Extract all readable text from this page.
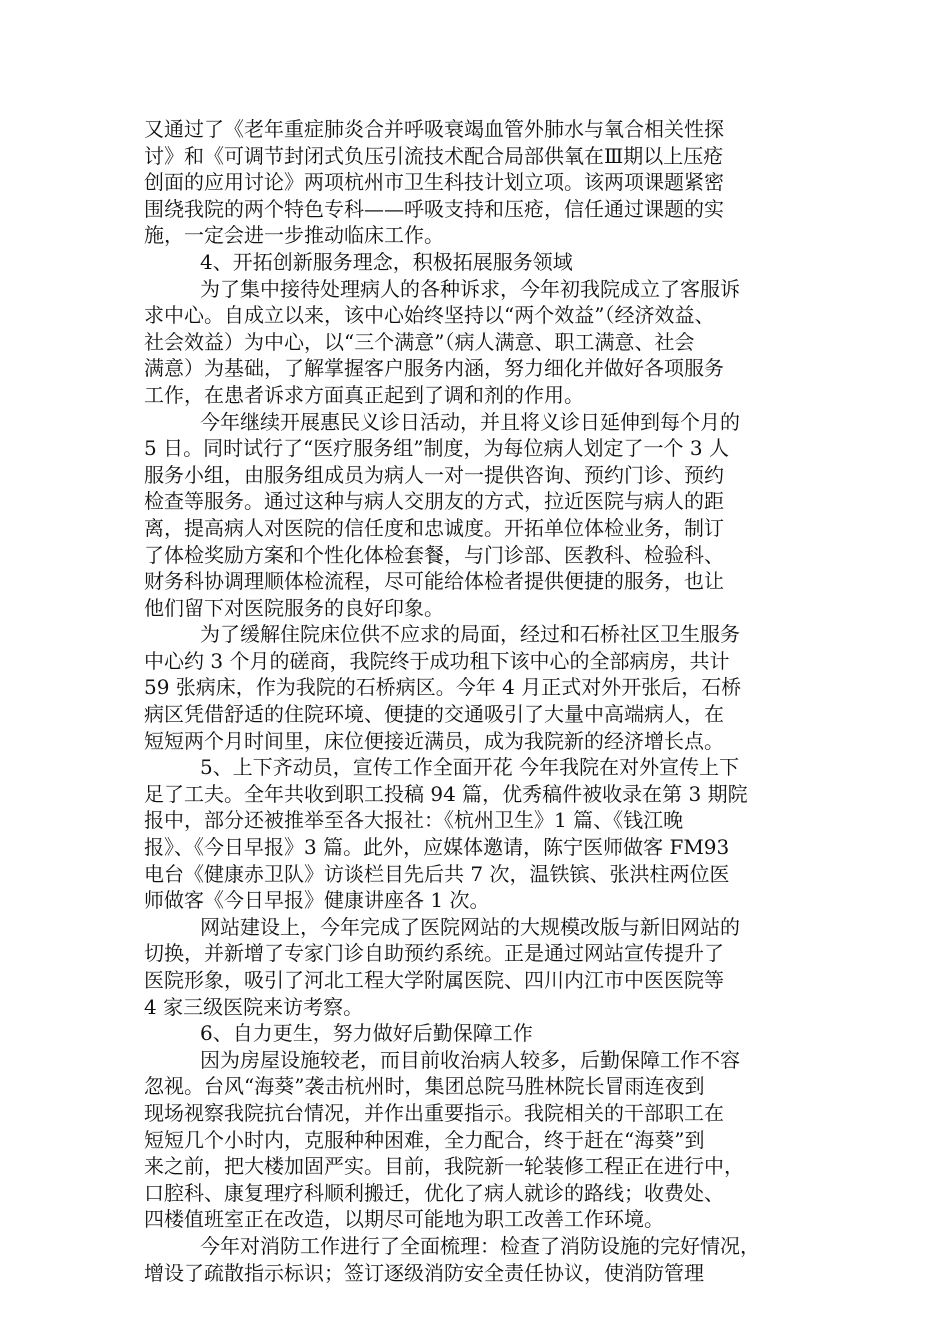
又通过了《老年重症肺炎合并呼吸衰竭血管外肺水与氧合相关性探
讨》和《可调节封闭式负压引流技术配合局部供氧在Ⅲ期以上压疮
创面的应用讨论》两项杭州市卫生科技计划立项。该两项课题紧密
围绕我院的两个特色专科——呼吸支持和压疮，信任通过课题的实
施，一定会进一步推动临床工作。
4、开拓创新服务理念，积极拓展服务领域
为了集中接待处理病人的各种诉求，今年初我院成立了客服诉
求中心。自成立以来，该中心始终坚持以“两个效益”（经济效益、
社会效益）为中心，以“三个满意”（病人满意、职工满意、社会
满意）为基础，了解掌握客户服务内涵，努力细化并做好各项服务
工作，在患者诉求方面真正起到了调和剂的作用。
今年继续开展惠民义诊日活动，并且将义诊日延伸到每个月的
5 日。同时试行了“医疗服务组”制度，为每位病人划定了一个 3 人
服务小组，由服务组成员为病人一对一提供咨询、预约门诊、预约
检查等服务。通过这种与病人交朋友的方式，拉近医院与病人的距
离，提高病人对医院的信任度和忠诚度。开拓单位体检业务，制订
了体检奖励方案和个性化体检套餐，与门诊部、医教科、检验科、
财务科协调理顺体检流程，尽可能给体检者提供便捷的服务，也让
他们留下对医院服务的良好印象。
为了缓解住院床位供不应求的局面，经过和石桥社区卫生服务
中心约 3 个月的磋商，我院终于成功租下该中心的全部病房，共计
59 张病床，作为我院的石桥病区。今年 4 月正式对外开张后，石桥
病区凭借舒适的住院环境、便捷的交通吸引了大量中高端病人，在
短短两个月时间里，床位便接近满员，成为我院新的经济增长点。
5、上下齐动员，宣传工作全面开花 今年我院在对外宣传上下
足了工夫。全年共收到职工投稿 94 篇，优秀稿件被收录在第 3 期院
报中，部分还被推举至各大报社：《杭州卫生》1 篇、《钱江晚
报》、《今日早报》3 篇。此外，应媒体邀请，陈宁医师做客 FM93
电台《健康赤卫队》访谈栏目先后共 7 次，温铁镔、张洪柱两位医
师做客《今日早报》健康讲座各 1 次。
网站建设上，今年完成了医院网站的大规模改版与新旧网站的
切换，并新增了专家门诊自助预约系统。正是通过网站宣传提升了
医院形象，吸引了河北工程大学附属医院、四川内江市中医医院等
4 家三级医院来访考察。
6、自力更生，努力做好后勤保障工作
因为房屋设施较老，而目前收治病人较多，后勤保障工作不容
忽视。台风“海葵”袭击杭州时，集团总院马胜林院长冒雨连夜到
现场视察我院抗台情况，并作出重要指示。我院相关的干部职工在
短短几个小时内，克服种种困难，全力配合，终于赶在“海葵”到
来之前，把大楼加固严实。目前，我院新一轮装修工程正在进行中，
口腔科、康复理疗科顺利搬迁，优化了病人就诊的路线；收费处、
四楼值班室正在改造，以期尽可能地为职工改善工作环境。
今年对消防工作进行了全面梳理：检查了消防设施的完好情况，
增设了疏散指示标识；签订逐级消防安全责任协议，使消防管理
